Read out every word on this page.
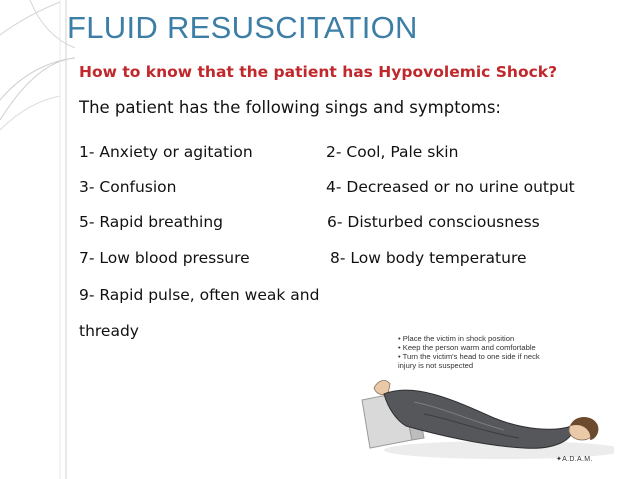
FLUID RESUSCITATION
How to know that the patient has Hypovolemic Shock?
The patient has the following sings and symptoms:
1- Anxiety or agitation
3- Confusion
5- Rapid breathing
7- Low blood pressure
9- Rapid pulse, often weak and
thready
2- Cool, Pale skin
4- Decreased or no urine output
6- Disturbed consciousness
8- Low body temperature
• Place the victim in shock position
• Keep the person warm and comfortable
• Turn the victim's head to one side if neck
injury is not suspected
✦A.D.A.M.
